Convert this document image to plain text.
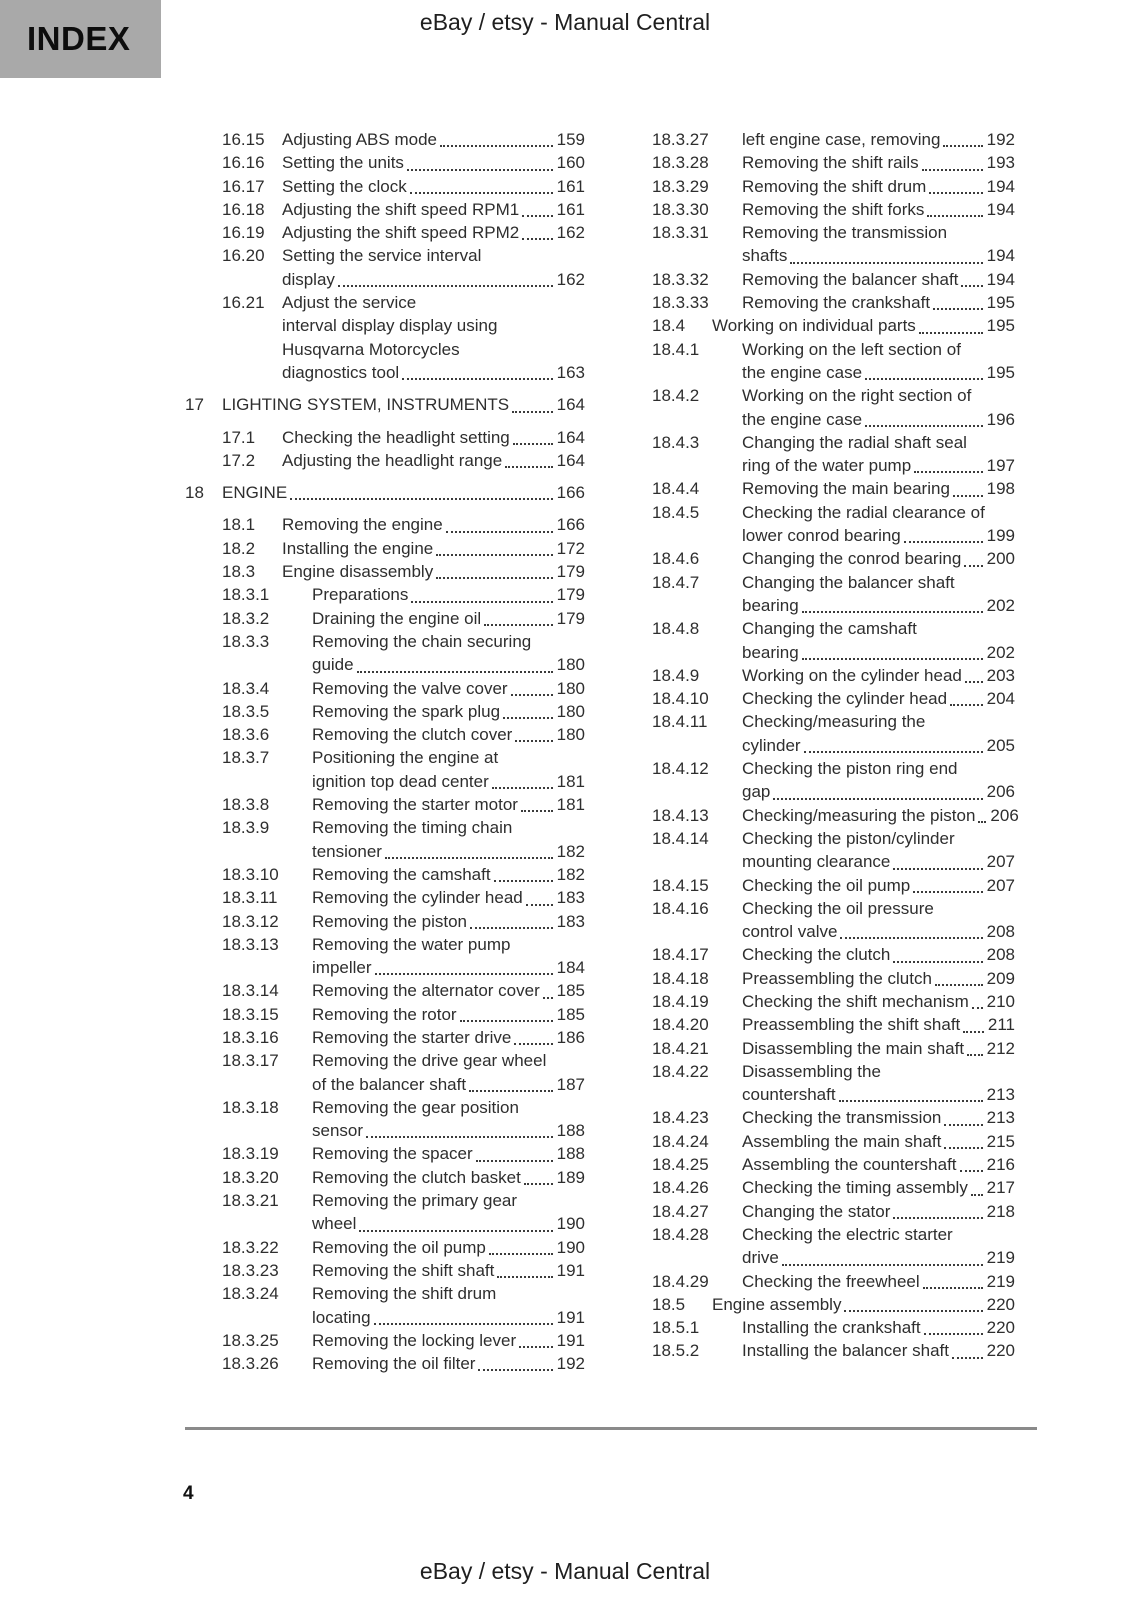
INDEX	eBay / etsy - Manual Central
16.15	Adjusting ABS mode	159
16.16	Setting the units	160
16.17	Setting the clock	161
16.18	Adjusting the shift speed RPM1 161
16.19	Adjusting the shift speed RPM2 162
16.20	Setting the service interval
display	162
16.21	Adjust the service
interval display display using
Husqvarna Motorcycles
diagnostics tool	163
17	LIGHTING SYSTEM, INSTRUMENTS	164
17.1	Checking the headlight setting	164
17.2	Adjusting the headlight range	164
18	ENGINE	166
18.1	Removing the engine	166
18.2	Installing the engine	172
18.3	Engine disassembly	179
18.3.1	Preparations	179
18.3.2	Draining the engine oil	179
18.3.3	Removing the chain securing
guide	180
18.3.4	Removing the valve cover	180
18.3.5	Removing the spark plug	180
18.3.6	Removing the clutch cover	180
18.3.7	Positioning the engine at
ignition top dead center	181
18.3.8	Removing the starter motor 181
18.3.9	Removing the timing chain
tensioner	182
18.3.10	Removing the camshaft	182
18.3.11	Removing the cylinder head 183
18.3.12	Removing the piston	183
18.3.13	Removing the water pump
impeller	184
18.3.14	Removing the alternator cover 185
18.3.15	Removing the rotor	185
18.3.16	Removing the starter drive	186
18.3.17	Removing the drive gear wheel
of the balancer shaft	187
18.3.18	Removing the gear position
sensor	188
18.3.19	Removing the spacer	188
18.3.20	Removing the clutch basket 189
18.3.21	Removing the primary gear
wheel	190
18.3.22	Removing the oil pump	190
18.3.23	Removing the shift shaft	191
18.3.24	Removing the shift drum
locating	191
18.3.25	Removing the locking lever 191
18.3.26	Removing the oil filter	192
18.3.27	left engine case, removing	192
18.3.28	Removing the shift rails	193
18.3.29	Removing the shift drum	194
18.3.30	Removing the shift forks	194
18.3.31	Removing the transmission
shafts	194
18.3.32	Removing the balancer shaft 194
18.3.33	Removing the crankshaft	195
18.4	Working on individual parts	195
18.4.1	Working on the left section of
the engine case	195
18.4.2	Working on the right section of
the engine case	196
18.4.3	Changing the radial shaft seal
ring of the water pump	197
18.4.4	Removing the main bearing 198
18.4.5	Checking the radial clearance of
lower conrod bearing	199
18.4.6	Changing the conrod bearing 200
18.4.7	Changing the balancer shaft
bearing	202
18.4.8	Changing the camshaft
bearing	202
18.4.9	Working on the cylinder head 203
18.4.10	Checking the cylinder head 204
18.4.11	Checking/measuring the
cylinder	205
18.4.12	Checking the piston ring end
gap	206
18.4.13	Checking/measuring the piston 206
18.4.14	Checking the piston/cylinder
mounting clearance	207
18.4.15	Checking the oil pump	207
18.4.16	Checking the oil pressure
control valve	208
18.4.17	Checking the clutch	208
18.4.18	Preassembling the clutch	209
18.4.19	Checking the shift mechanism 210
18.4.20	Preassembling the shift shaft 211
18.4.21	Disassembling the main shaft 212
18.4.22	Disassembling the
countershaft	213
18.4.23	Checking the transmission	213
18.4.24	Assembling the main shaft	215
18.4.25	Assembling the countershaft 216
18.4.26	Checking the timing assembly 217
18.4.27	Changing the stator	218
18.4.28	Checking the electric starter
drive	219
18.4.29	Checking the freewheel	219
18.5	Engine assembly	220
18.5.1	Installing the crankshaft	220
18.5.2	Installing the balancer shaft 220
4
eBay / etsy - Manual Central
